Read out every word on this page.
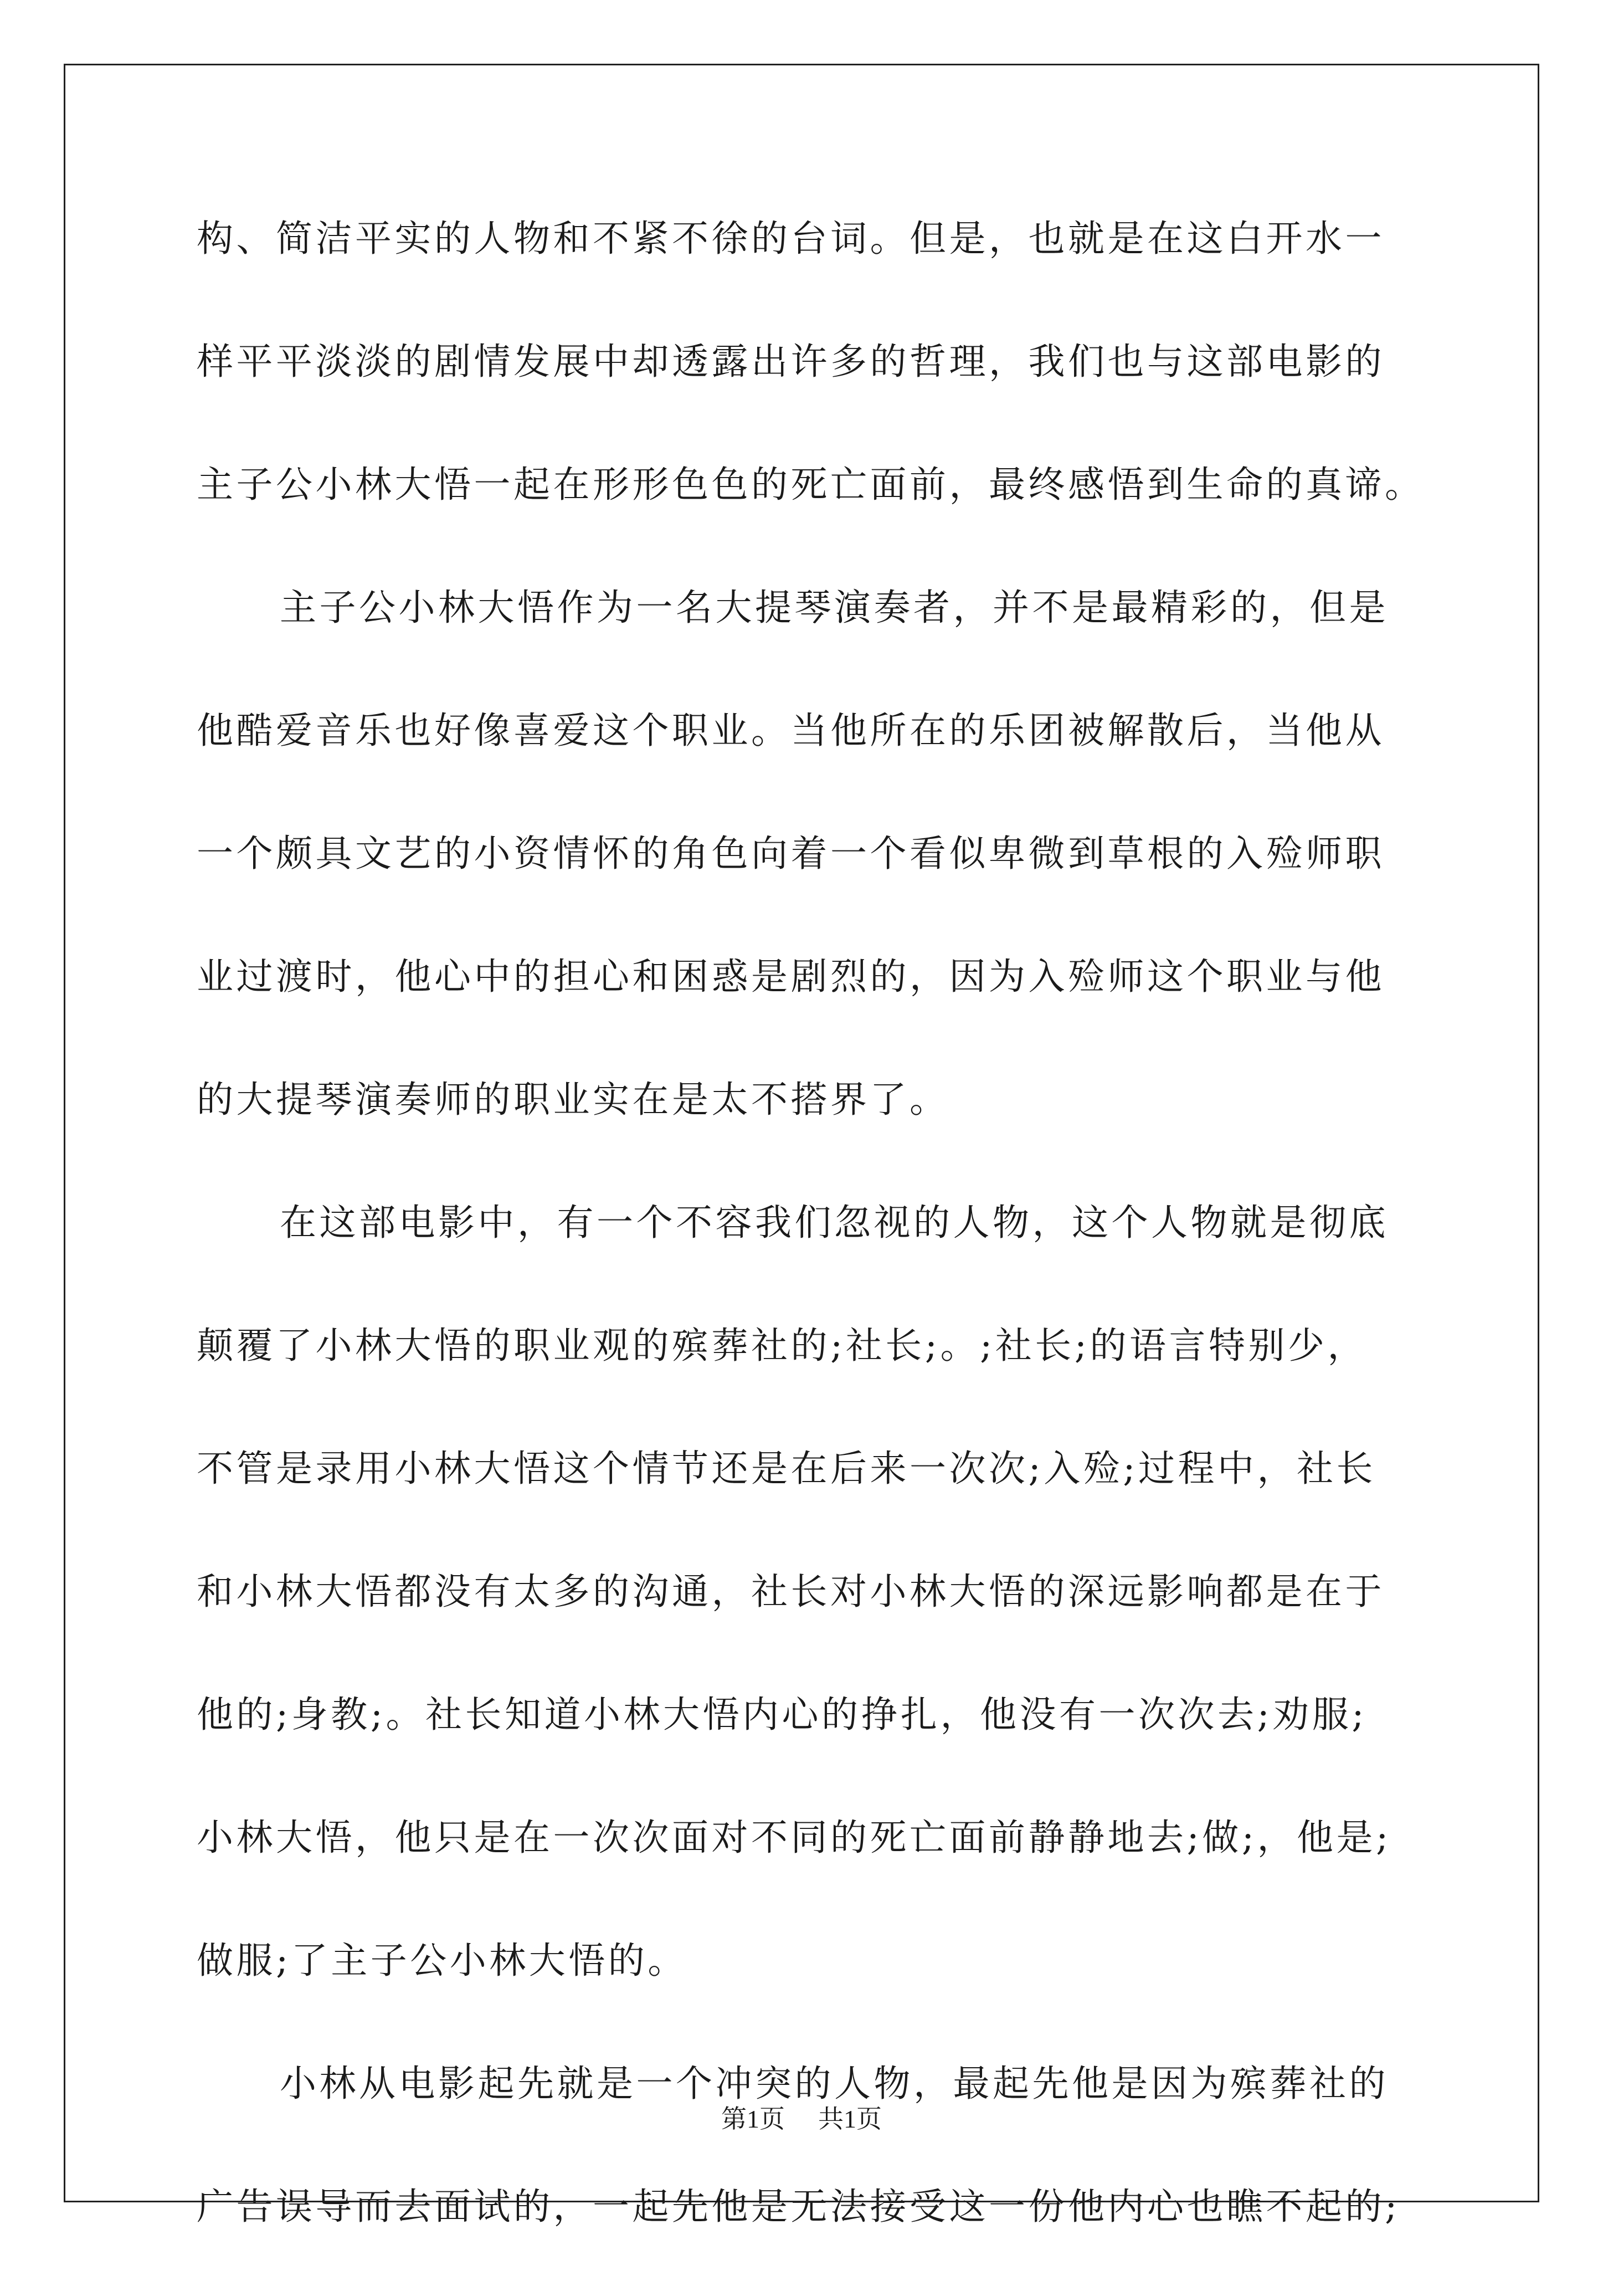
构、简洁平实的人物和不紧不徐的台词。但是，也就是在这白开水一
样平平淡淡的剧情发展中却透露出许多的哲理，我们也与这部电影的
主子公小林大悟一起在形形色色的死亡面前，最终感悟到生命的真谛。
主子公小林大悟作为一名大提琴演奏者，并不是最精彩的，但是
他酷爱音乐也好像喜爱这个职业。当他所在的乐团被解散后，当他从
一个颇具文艺的小资情怀的角色向着一个看似卑微到草根的入殓师职
业过渡时，他心中的担心和困惑是剧烈的，因为入殓师这个职业与他
的大提琴演奏师的职业实在是太不搭界了。
在这部电影中，有一个不容我们忽视的人物，这个人物就是彻底
颠覆了小林大悟的职业观的殡葬社的;社长;。;社长;的语言特别少，
不管是录用小林大悟这个情节还是在后来一次次;入殓;过程中，社长
和小林大悟都没有太多的沟通，社长对小林大悟的深远影响都是在于
他的;身教;。社长知道小林大悟内心的挣扎，他没有一次次去;劝服;
小林大悟，他只是在一次次面对不同的死亡面前静静地去;做;，他是;
做服;了主子公小林大悟的。
小林从电影起先就是一个冲突的人物，最起先他是因为殡葬社的
广告误导而去面试的，一起先他是无法接受这一份他内心也瞧不起的;
第1页 共1页
